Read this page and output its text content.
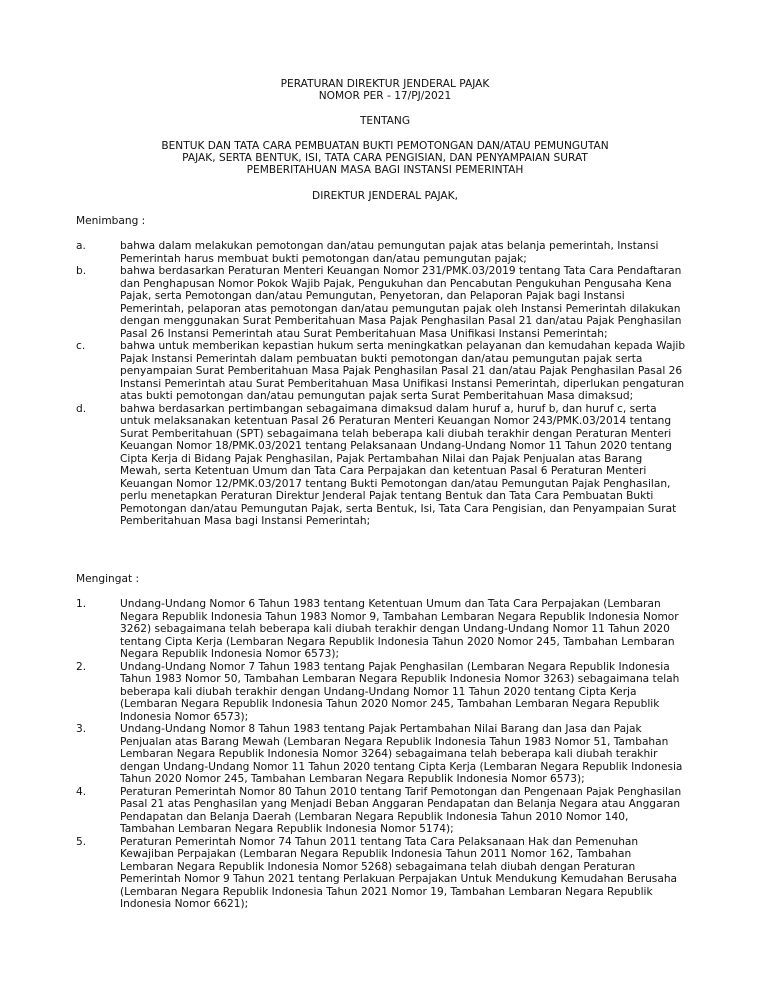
PERATURAN DIREKTUR JENDERAL PAJAK
NOMOR PER - 17/PJ/2021
TENTANG
BENTUK DAN TATA CARA PEMBUATAN BUKTI PEMOTONGAN DAN/ATAU PEMUNGUTAN
PAJAK, SERTA BENTUK, ISI, TATA CARA PENGISIAN, DAN PENYAMPAIAN SURAT
PEMBERITAHUAN MASA BAGI INSTANSI PEMERINTAH
DIREKTUR JENDERAL PAJAK,
Menimbang :
a.	bahwa dalam melakukan pemotongan dan/atau pemungutan pajak atas belanja pemerintah, Instansi Pemerintah harus membuat bukti pemotongan dan/atau pemungutan pajak;
b.	bahwa berdasarkan Peraturan Menteri Keuangan Nomor 231/PMK.03/2019 tentang Tata Cara Pendaftaran dan Penghapusan Nomor Pokok Wajib Pajak, Pengukuhan dan Pencabutan Pengukuhan Pengusaha Kena Pajak, serta Pemotongan dan/atau Pemungutan, Penyetoran, dan Pelaporan Pajak bagi Instansi Pemerintah, pelaporan atas pemotongan dan/atau pemungutan pajak oleh Instansi Pemerintah dilakukan dengan menggunakan Surat Pemberitahuan Masa Pajak Penghasilan Pasal 21 dan/atau Pajak Penghasilan Pasal 26 Instansi Pemerintah atau Surat Pemberitahuan Masa Unifikasi Instansi Pemerintah;
c.	bahwa untuk memberikan kepastian hukum serta meningkatkan pelayanan dan kemudahan kepada Wajib Pajak Instansi Pemerintah dalam pembuatan bukti pemotongan dan/atau pemungutan pajak serta penyampaian Surat Pemberitahuan Masa Pajak Penghasilan Pasal 21 dan/atau Pajak Penghasilan Pasal 26 Instansi Pemerintah atau Surat Pemberitahuan Masa Unifikasi Instansi Pemerintah, diperlukan pengaturan atas bukti pemotongan dan/atau pemungutan pajak serta Surat Pemberitahuan Masa dimaksud;
d.	bahwa berdasarkan pertimbangan sebagaimana dimaksud dalam huruf a, huruf b, dan huruf c, serta untuk melaksanakan ketentuan Pasal 26 Peraturan Menteri Keuangan Nomor 243/PMK.03/2014 tentang Surat Pemberitahuan (SPT) sebagaimana telah beberapa kali diubah terakhir dengan Peraturan Menteri Keuangan Nomor 18/PMK.03/2021 tentang Pelaksanaan Undang-Undang Nomor 11 Tahun 2020 tentang Cipta Kerja di Bidang Pajak Penghasilan, Pajak Pertambahan Nilai dan Pajak Penjualan atas Barang Mewah, serta Ketentuan Umum dan Tata Cara Perpajakan dan ketentuan Pasal 6 Peraturan Menteri Keuangan Nomor 12/PMK.03/2017 tentang Bukti Pemotongan dan/atau Pemungutan Pajak Penghasilan, perlu menetapkan Peraturan Direktur Jenderal Pajak tentang Bentuk dan Tata Cara Pembuatan Bukti Pemotongan dan/atau Pemungutan Pajak, serta Bentuk, Isi, Tata Cara Pengisian, dan Penyampaian Surat Pemberitahuan Masa bagi Instansi Pemerintah;
Mengingat :
1.	Undang-Undang Nomor 6 Tahun 1983 tentang Ketentuan Umum dan Tata Cara Perpajakan (Lembaran Negara Republik Indonesia Tahun 1983 Nomor 9, Tambahan Lembaran Negara Republik Indonesia Nomor 3262) sebagaimana telah beberapa kali diubah terakhir dengan Undang-Undang Nomor 11 Tahun 2020 tentang Cipta Kerja (Lembaran Negara Republik Indonesia Tahun 2020 Nomor 245, Tambahan Lembaran Negara Republik Indonesia Nomor 6573);
2.	Undang-Undang Nomor 7 Tahun 1983 tentang Pajak Penghasilan (Lembaran Negara Republik Indonesia Tahun 1983 Nomor 50, Tambahan Lembaran Negara Republik Indonesia Nomor 3263) sebagaimana telah beberapa kali diubah terakhir dengan Undang-Undang Nomor 11 Tahun 2020 tentang Cipta Kerja (Lembaran Negara Republik Indonesia Tahun 2020 Nomor 245, Tambahan Lembaran Negara Republik Indonesia Nomor 6573);
3.	Undang-Undang Nomor 8 Tahun 1983 tentang Pajak Pertambahan Nilai Barang dan Jasa dan Pajak Penjualan atas Barang Mewah (Lembaran Negara Republik Indonesia Tahun 1983 Nomor 51, Tambahan Lembaran Negara Republik Indonesia Nomor 3264) sebagaimana telah beberapa kali diubah terakhir dengan Undang-Undang Nomor 11 Tahun 2020 tentang Cipta Kerja (Lembaran Negara Republik Indonesia Tahun 2020 Nomor 245, Tambahan Lembaran Negara Republik Indonesia Nomor 6573);
4.	Peraturan Pemerintah Nomor 80 Tahun 2010 tentang Tarif Pemotongan dan Pengenaan Pajak Penghasilan Pasal 21 atas Penghasilan yang Menjadi Beban Anggaran Pendapatan dan Belanja Negara atau Anggaran Pendapatan dan Belanja Daerah (Lembaran Negara Republik Indonesia Tahun 2010 Nomor 140, Tambahan Lembaran Negara Republik Indonesia Nomor 5174);
5.	Peraturan Pemerintah Nomor 74 Tahun 2011 tentang Tata Cara Pelaksanaan Hak dan Pemenuhan Kewajiban Perpajakan (Lembaran Negara Republik Indonesia Tahun 2011 Nomor 162, Tambahan Lembaran Negara Republik Indonesia Nomor 5268) sebagaimana telah diubah dengan Peraturan Pemerintah Nomor 9 Tahun 2021 tentang Perlakuan Perpajakan Untuk Mendukung Kemudahan Berusaha (Lembaran Negara Republik Indonesia Tahun 2021 Nomor 19, Tambahan Lembaran Negara Republik Indonesia Nomor 6621);
